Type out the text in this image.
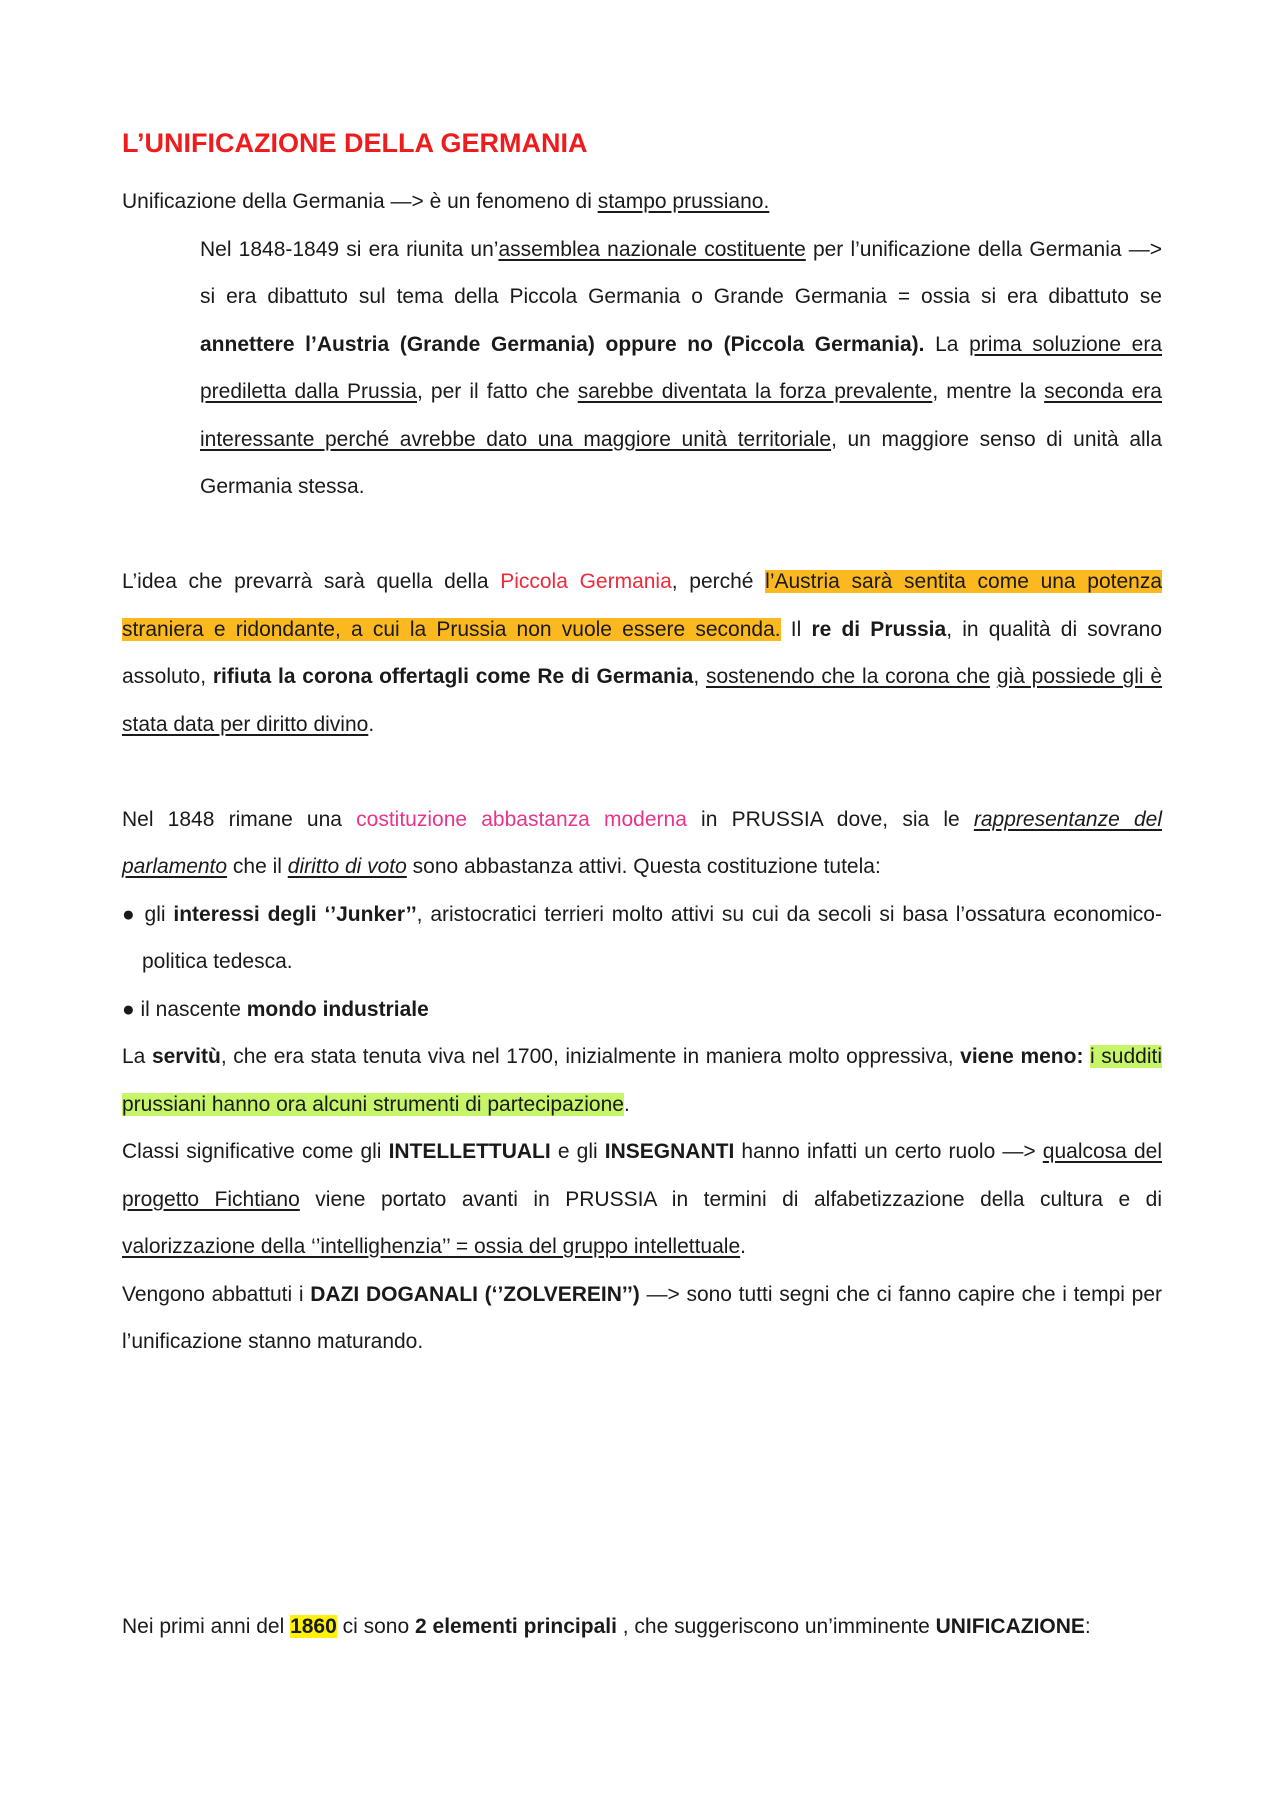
L’UNIFICAZIONE DELLA GERMANIA

Unificazione della Germania —> è un fenomeno di stampo prussiano.

Nel 1848-1849 si era riunita un’assemblea nazionale costituente per l’unificazione della Germania —> si era dibattuto sul tema della Piccola Germania o Grande Germania = ossia si era dibattuto se annettere l’Austria (Grande Germania) oppure no (Piccola Germania). La prima soluzione era prediletta dalla Prussia, per il fatto che sarebbe diventata la forza prevalente, mentre la seconda era interessante perché avrebbe dato una maggiore unità territoriale, un maggiore senso di unità alla Germania stessa.

L’idea che prevarrà sarà quella della Piccola Germania, perché l’Austria sarà sentita come una potenza straniera e ridondante, a cui la Prussia non vuole essere seconda. Il re di Prussia, in qualità di sovrano assoluto, rifiuta la corona offertagli come Re di Germania, sostenendo che la corona che già possiede gli è stata data per diritto divino.

Nel 1848 rimane una costituzione abbastanza moderna in PRUSSIA dove, sia le rappresentanze del parlamento che il diritto di voto sono abbastanza attivi. Questa costituzione tutela:

● gli interessi degli ‘’Junker’’, aristocratici terrieri molto attivi su cui da secoli si basa l’ossatura economico-politica tedesca.

● il nascente mondo industriale

La servitù, che era stata tenuta viva nel 1700, inizialmente in maniera molto oppressiva, viene meno: i sudditi prussiani hanno ora alcuni strumenti di partecipazione.

Classi significative come gli INTELLETTUALI e gli INSEGNANTI hanno infatti un certo ruolo —> qualcosa del progetto Fichtiano viene portato avanti in PRUSSIA in termini di alfabetizzazione della cultura e di valorizzazione della ‘’intellighenzia’’ = ossia del gruppo intellettuale.

Vengono abbattuti i DAZI DOGANALI (‘’ZOLVEREIN’’) —> sono tutti segni che ci fanno capire che i tempi per l’unificazione stanno maturando.

Nei primi anni del 1860 ci sono 2 elementi principali , che suggeriscono un’imminente UNIFICAZIONE:
